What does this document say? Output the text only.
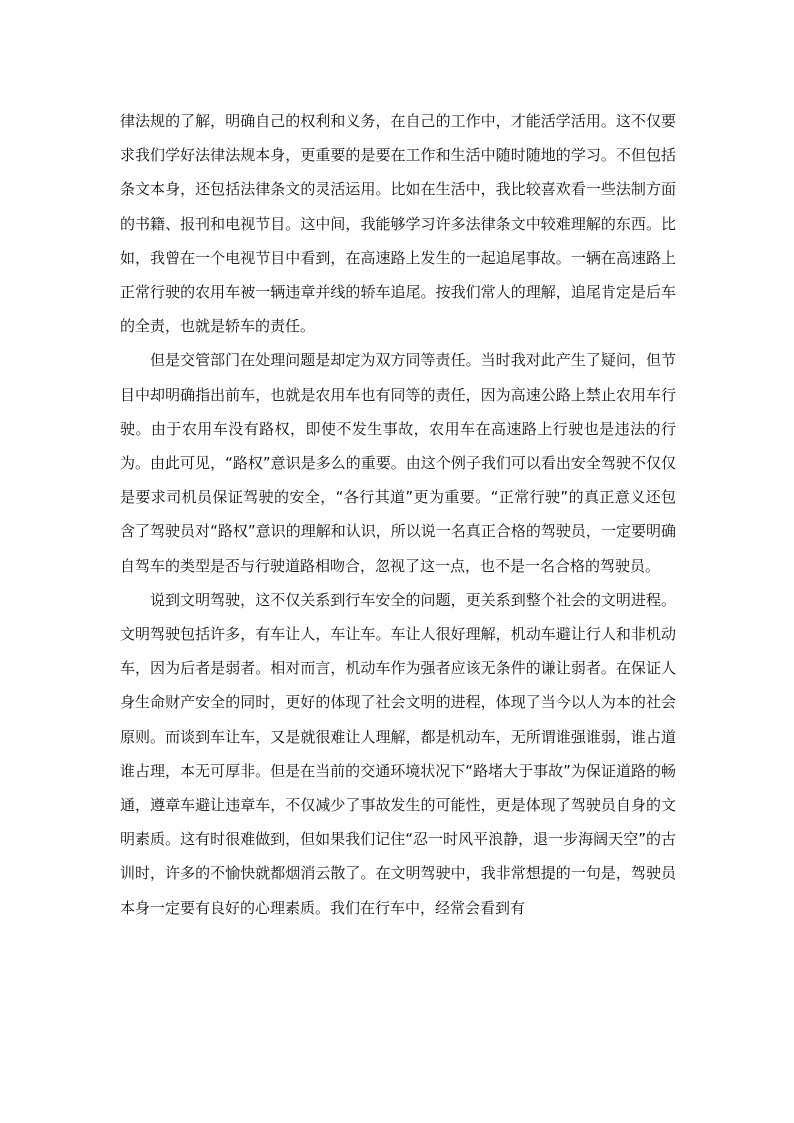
律法规的了解，明确自己的权利和义务，在自己的工作中，才能活学活用。这不仅要求我们学好法律法规本身，更重要的是要在工作和生活中随时随地的学习。不但包括条文本身，还包括法律条文的灵活运用。比如在生活中，我比较喜欢看一些法制方面的书籍、报刊和电视节目。这中间，我能够学习许多法律条文中较难理解的东西。比如，我曾在一个电视节目中看到，在高速路上发生的一起追尾事故。一辆在高速路上正常行驶的农用车被一辆违章并线的轿车追尾。按我们常人的理解，追尾肯定是后车的全责，也就是轿车的责任。

但是交管部门在处理问题是却定为双方同等责任。当时我对此产生了疑问，但节目中却明确指出前车，也就是农用车也有同等的责任，因为高速公路上禁止农用车行驶。由于农用车没有路权，即使不发生事故，农用车在高速路上行驶也是违法的行为。由此可见，“路权”意识是多么的重要。由这个例子我们可以看出安全驾驶不仅仅是要求司机员保证驾驶的安全，“各行其道”更为重要。“正常行驶”的真正意义还包含了驾驶员对“路权”意识的理解和认识，所以说一名真正合格的驾驶员，一定要明确自驾车的类型是否与行驶道路相吻合，忽视了这一点，也不是一名合格的驾驶员。

说到文明驾驶，这不仅关系到行车安全的问题，更关系到整个社会的文明进程。文明驾驶包括许多，有车让人，车让车。车让人很好理解，机动车避让行人和非机动车，因为后者是弱者。相对而言，机动车作为强者应该无条件的谦让弱者。在保证人身生命财产安全的同时，更好的体现了社会文明的进程，体现了当今以人为本的社会原则。而谈到车让车，又是就很难让人理解，都是机动车，无所谓谁强谁弱，谁占道谁占理，本无可厚非。但是在当前的交通环境状况下“路堵大于事故”为保证道路的畅通，遵章车避让违章车，不仅减少了事故发生的可能性，更是体现了驾驶员自身的文明素质。这有时很难做到，但如果我们记住“忍一时风平浪静，退一步海阔天空”的古训时，许多的不愉快就都烟消云散了。在文明驾驶中，我非常想提的一句是，驾驶员本身一定要有良好的心理素质。我们在行车中，经常会看到有
